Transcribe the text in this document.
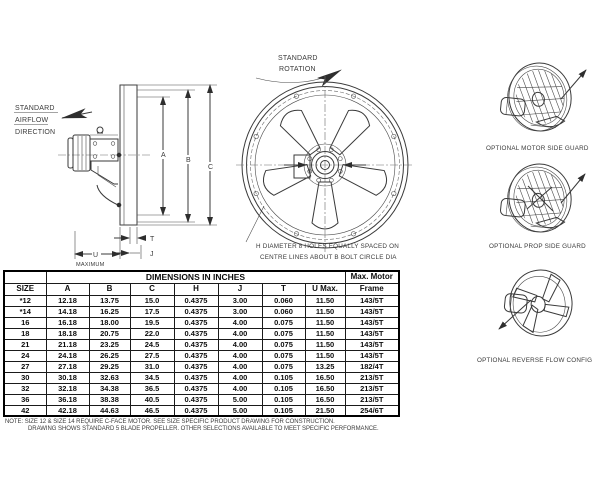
STANDARD
AIRFLOW
DIRECTION
A
B
C
T
J
U
MAXIMUM
STANDARD
ROTATION
H DIAMETER 8 HOLES EQUALLY SPACED ON
CENTRE LINES ABOUT B BOLT CIRCLE DIA
OPTIONAL MOTOR SIDE GUARD
OPTIONAL PROP SIDE GUARD
OPTIONAL REVERSE FLOW CONFIG
	DIMENSIONS IN INCHES							Max. Motor
SIZE	A	B	C	H	J	T	U Max.	Frame
*12	12.18	13.75	15.0	0.4375	3.00	0.060	11.50	143/5T
*14	14.18	16.25	17.5	0.4375	3.00	0.060	11.50	143/5T
16	16.18	18.00	19.5	0.4375	4.00	0.075	11.50	143/5T
18	18.18	20.75	22.0	0.4375	4.00	0.075	11.50	143/5T
21	21.18	23.25	24.5	0.4375	4.00	0.075	11.50	143/5T
24	24.18	26.25	27.5	0.4375	4.00	0.075	11.50	143/5T
27	27.18	29.25	31.0	0.4375	4.00	0.075	13.25	182/4T
30	30.18	32.63	34.5	0.4375	4.00	0.105	16.50	213/5T
32	32.18	34.38	36.5	0.4375	4.00	0.105	16.50	213/5T
36	36.18	38.38	40.5	0.4375	5.00	0.105	16.50	213/5T
42	42.18	44.63	46.5	0.4375	5.00	0.105	21.50	254/6T
NOTE: SIZE 12 & SIZE 14 REQUIRE C-FACE MOTOR. SEE SIZE SPECIFIC PRODUCT DRAWING FOR CONSTRUCTION.
DRAWING SHOWS STANDARD 5 BLADE PROPELLER. OTHER SELECTIONS AVAILABLE TO MEET SPECIFIC PERFORMANCE.
